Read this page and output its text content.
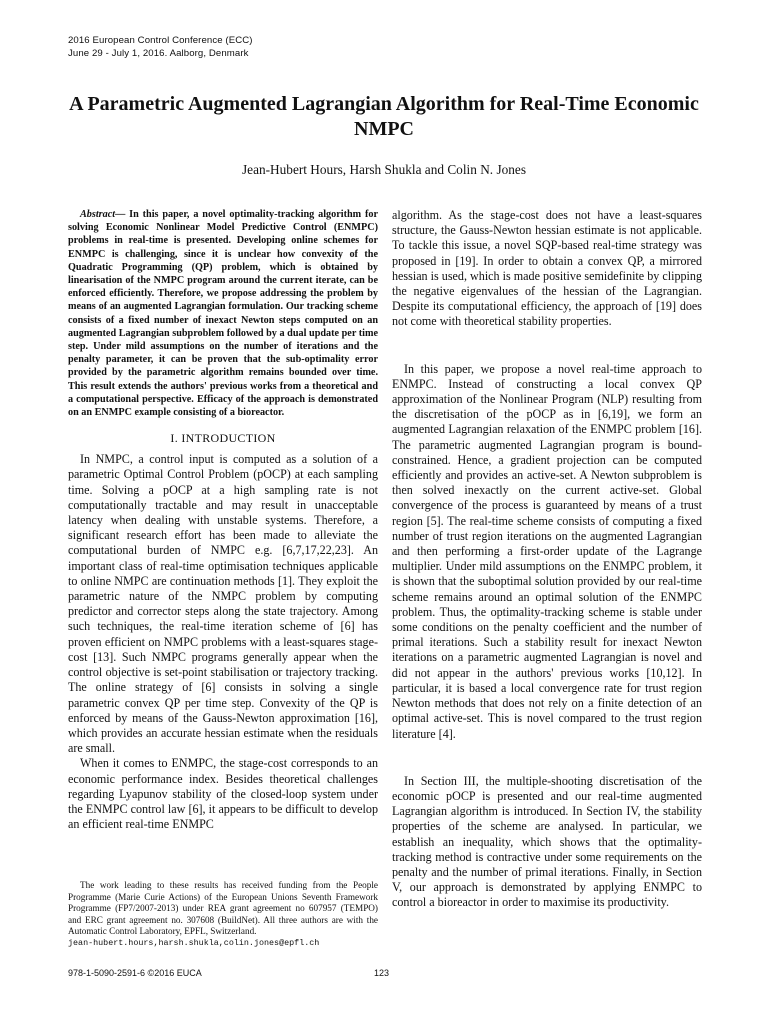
2016 European Control Conference (ECC)
June 29 - July 1, 2016. Aalborg, Denmark
A Parametric Augmented Lagrangian Algorithm for Real-Time Economic NMPC
Jean-Hubert Hours, Harsh Shukla and Colin N. Jones

Abstract— In this paper, a novel optimality-tracking algorithm for solving Economic Nonlinear Model Predictive Control (ENMPC) problems in real-time is presented. Developing online schemes for ENMPC is challenging, since it is unclear how convexity of the Quadratic Programming (QP) problem, which is obtained by linearisation of the NMPC program around the current iterate, can be enforced efficiently. Therefore, we propose addressing the problem by means of an augmented Lagrangian formulation. Our tracking scheme consists of a fixed number of inexact Newton steps computed on an augmented Lagrangian subproblem followed by a dual update per time step. Under mild assumptions on the number of iterations and the penalty parameter, it can be proven that the sub-optimality error provided by the parametric algorithm remains bounded over time. This result extends the authors' previous works from a theoretical and a computational perspective. Efficacy of the approach is demonstrated on an ENMPC example consisting of a bioreactor.

I. INTRODUCTION

In NMPC, a control input is computed as a solution of a parametric Optimal Control Problem (pOCP) at each sampling time. Solving a pOCP at a high sampling rate is not computationally tractable and may result in unacceptable latency when dealing with unstable systems. Therefore, a significant research effort has been made to alleviate the computational burden of NMPC e.g. [6,7,17,22,23]. An important class of real-time optimisation techniques applicable to online NMPC are continuation methods [1]. They exploit the parametric nature of the NMPC problem by computing predictor and corrector steps along the state trajectory. Among such techniques, the real-time iteration scheme of [6] has proven efficient on NMPC problems with a least-squares stage-cost [13]. Such NMPC programs generally appear when the control objective is set-point stabilisation or trajectory tracking. The online strategy of [6] consists in solving a single parametric convex QP per time step. Convexity of the QP is enforced by means of the Gauss-Newton approximation [16], which provides an accurate hessian estimate when the residuals are small.

When it comes to ENMPC, the stage-cost corresponds to an economic performance index. Besides theoretical challenges regarding Lyapunov stability of the closed-loop system under the ENMPC control law [6], it appears to be difficult to develop an efficient real-time ENMPC

algorithm. As the stage-cost does not have a least-squares structure, the Gauss-Newton hessian estimate is not applicable. To tackle this issue, a novel SQP-based real-time strategy was proposed in [19]. In order to obtain a convex QP, a mirrored hessian is used, which is made positive semidefinite by clipping the negative eigenvalues of the hessian of the Lagrangian. Despite its computational efficiency, the approach of [19] does not come with theoretical stability properties.

In this paper, we propose a novel real-time approach to ENMPC. Instead of constructing a local convex QP approximation of the Nonlinear Program (NLP) resulting from the discretisation of the pOCP as in [6,19], we form an augmented Lagrangian relaxation of the ENMPC problem [16]. The parametric augmented Lagrangian program is bound-constrained. Hence, a gradient projection can be computed efficiently and provides an active-set. A Newton subproblem is then solved inexactly on the current active-set. Global convergence of the process is guaranteed by means of a trust region [5]. The real-time scheme consists of computing a fixed number of trust region iterations on the augmented Lagrangian and then performing a first-order update of the Lagrange multiplier. Under mild assumptions on the ENMPC problem, it is shown that the suboptimal solution provided by our real-time scheme remains around an optimal solution of the ENMPC problem. Thus, the optimality-tracking scheme is stable under some conditions on the penalty coefficient and the number of primal iterations. Such a stability result for inexact Newton iterations on a parametric augmented Lagrangian is novel and did not appear in the authors' previous works [10,12]. In particular, it is based a local convergence rate for trust region Newton methods that does not rely on a finite detection of an optimal active-set. This is novel compared to the trust region literature [4].

In Section III, the multiple-shooting discretisation of the economic pOCP is presented and our real-time augmented Lagrangian algorithm is introduced. In Section IV, the stability properties of the scheme are analysed. In particular, we establish an inequality, which shows that the optimality-tracking method is contractive under some requirements on the penalty and the number of primal iterations. Finally, in Section V, our approach is demonstrated by applying ENMPC to control a bioreactor in order to maximise its productivity.

The work leading to these results has received funding from the People Programme (Marie Curie Actions) of the European Unions Seventh Framework Programme (FP7/2007-2013) under REA grant agreement no 607957 (TEMPO) and ERC grant agreement no. 307608 (BuildNet). All three authors are with the Automatic Control Laboratory, EPFL, Switzerland.
jean-hubert.hours,harsh.shukla,colin.jones@epfl.ch
978-1-5090-2591-6 ©2016 EUCA	123
